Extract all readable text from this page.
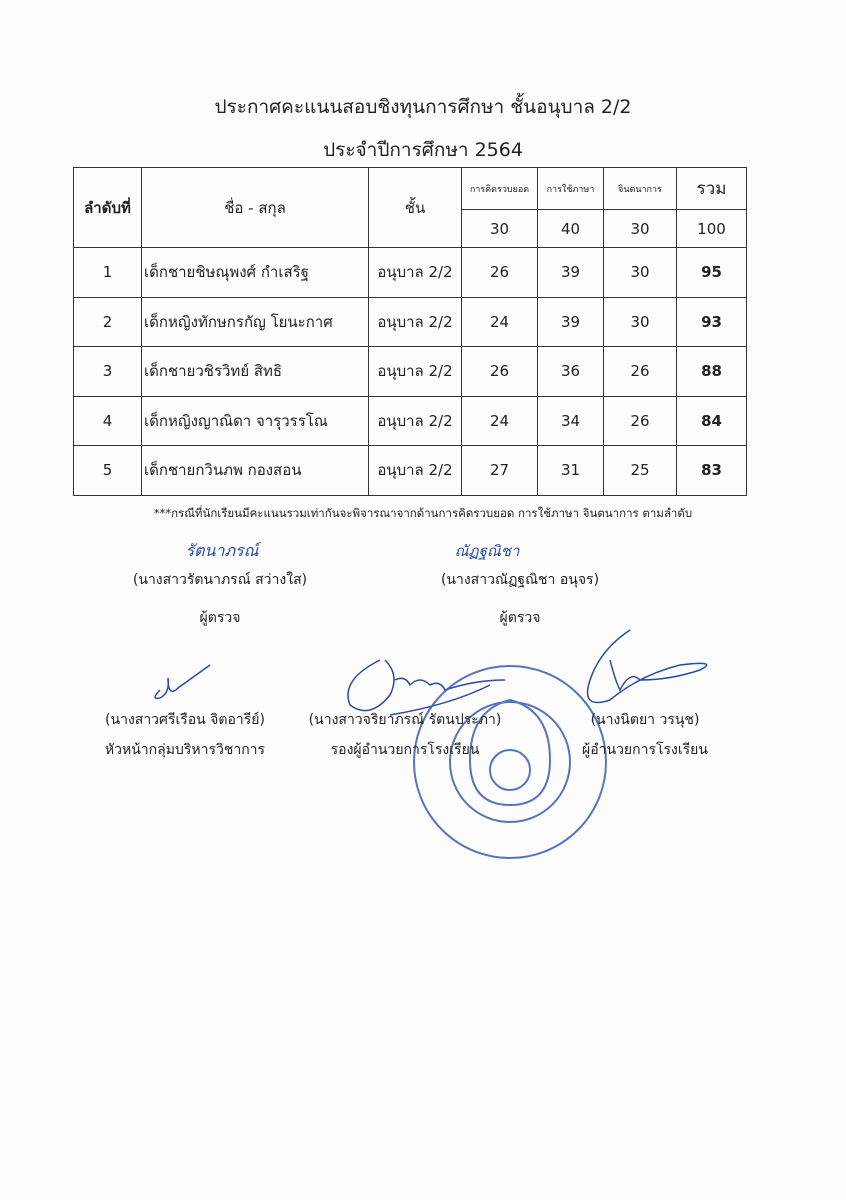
ประกาศคะแนนสอบชิงทุนการศึกษา ชั้นอนุบาล 2/2
ประจำปีการศึกษา 2564
ลำดับที่	ชื่อ - สกุล	ชั้น	การคิดรวบยอด	การใช้ภาษา	จินตนาการ	รวม
			30	40	30	100
1	เด็กชายชิษณุพงศ์ กำเสริฐ	อนุบาล 2/2	26	39	30	95
2	เด็กหญิงทักษกรกัญ โยนะกาศ	อนุบาล 2/2	24	39	30	93
3	เด็กชายวชิรวิทย์ สิทธิ	อนุบาล 2/2	26	36	26	88
4	เด็กหญิงญาณิดา จารุวรรโณ	อนุบาล 2/2	24	34	26	84
5	เด็กชายกวินภพ กองสอน	อนุบาล 2/2	27	31	25	83
***กรณีที่นักเรียนมีคะแนนรวมเท่ากันจะพิจารณาจากด้านการคิดรวบยอด การใช้ภาษา จินตนาการ ตามลำดับ
รัตนาภรณ์	ณัฏฐณิชา
(นางสาวรัตนาภรณ์ สว่างใส)
ผู้ตรวจ
(นางสาวณัฏฐณิชา อนุจร)
ผู้ตรวจ
(นางสาวศรีเรือน จิตอารีย์)
หัวหน้ากลุ่มบริหารวิชาการ
(นางสาวจริยาภรณ์ รัตนประภา)
รองผู้อำนวยการโรงเรียน
(นางนิตยา วรนุช)
ผู้อำนวยการโรงเรียน
